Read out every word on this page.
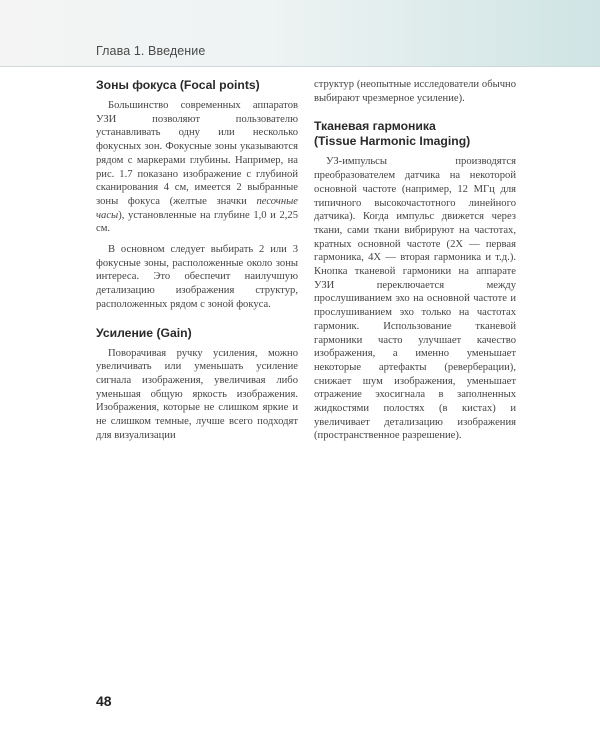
Глава 1. Введение
Зоны фокуса (Focal points)

Большинство современных аппаратов УЗИ позволяют пользователю устанавливать одну или несколько фокусных зон. Фокусные зоны указываются рядом с маркерами глубины. Например, на рис. 1.7 показано изображение с глубиной сканирования 4 см, имеется 2 выбранные зоны фокуса (желтые значки песочные часы), установленные на глубине 1,0 и 2,25 см.

В основном следует выбирать 2 или 3 фокусные зоны, расположенные около зоны интереса. Это обеспечит наилучшую детализацию изображения структур, расположенных рядом с зоной фокуса.

Усиление (Gain)

Поворачивая ручку усиления, можно увеличивать или уменьшать усиление сигнала изображения, увеличивая либо уменьшая общую яркость изображения. Изображения, которые не слишком яркие и не слишком темные, лучше всего подходят для визуализации

структур (неопытные исследователи обычно выбирают чрезмерное усиление).

Тканевая гармоника
(Tissue Harmonic Imaging)

УЗ-импульсы производятся преобразователем датчика на некоторой основной частоте (например, 12 МГц для типичного высокочастотного линейного датчика). Когда импульс движется через ткани, сами ткани вибрируют на частотах, кратных основной частоте (2Х — первая гармоника, 4Х — вторая гармоника и т.д.). Кнопка тканевой гармоники на аппарате УЗИ переключается между прослушиванием эхо на основной частоте и прослушиванием эхо только на частотах гармоник. Использование тканевой гармоники часто улучшает качество изображения, а именно уменьшает некоторые артефакты (реверберации), снижает шум изображения, уменьшает отражение эхосигнала в заполненных жидкостями полостях (в кистах) и увеличивает детализацию изображения (пространственное разрешение).

48
